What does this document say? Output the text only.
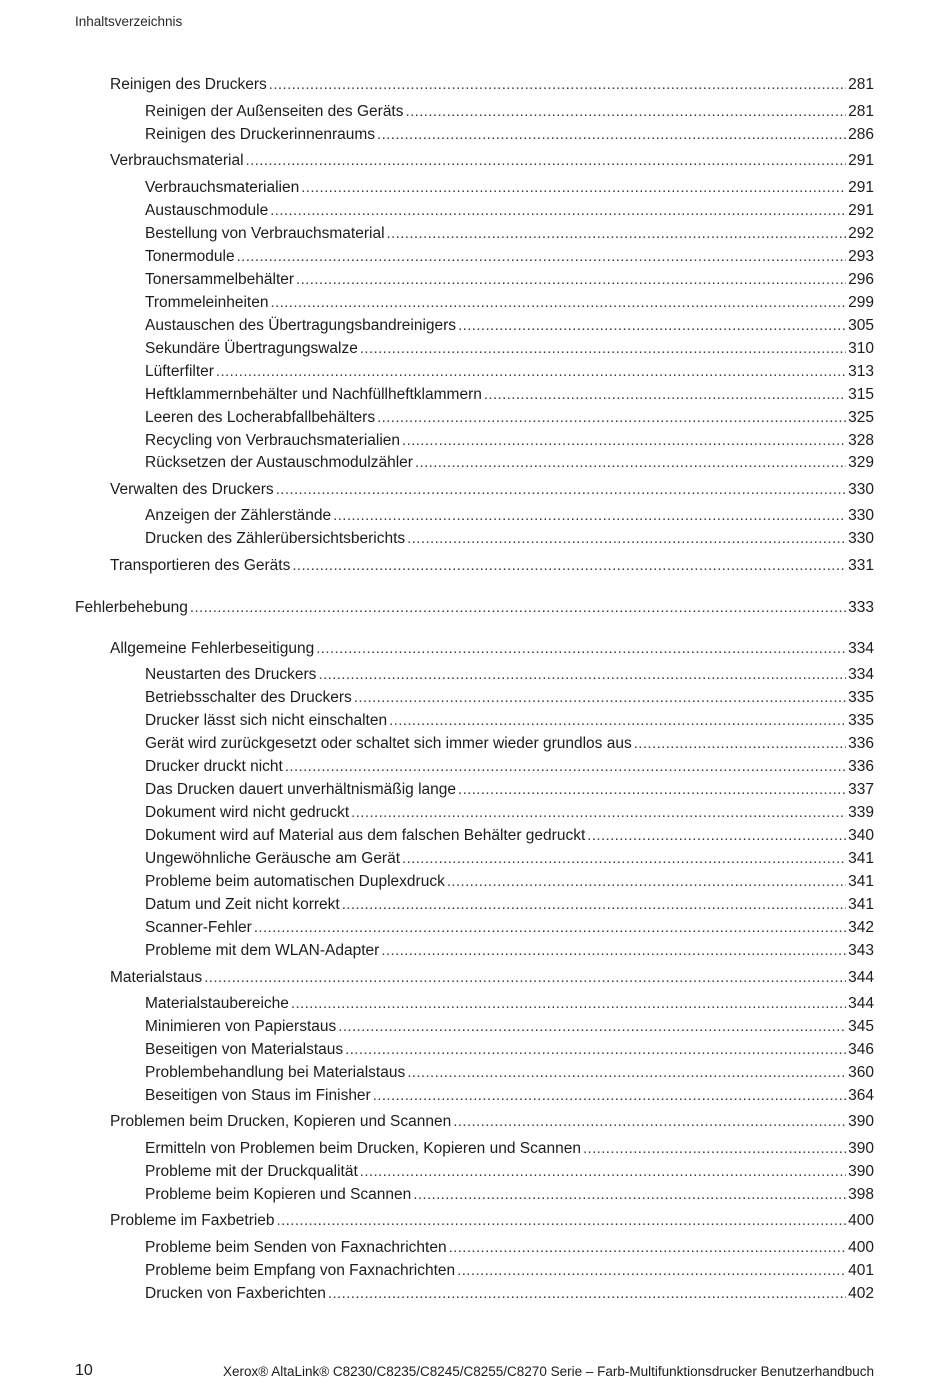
Inhaltsverzeichnis
Reinigen des Druckers .....	281
Reinigen der Außenseiten des Geräts .....	281
Reinigen des Druckerinnenraums .....	286
Verbrauchsmaterial .....	291
Verbrauchsmaterialien .....	291
Austauschmodule .....	291
Bestellung von Verbrauchsmaterial .....	292
Tonermodule .....	293
Tonersammelbehälter .....	296
Trommeleinheiten .....	299
Austauschen des Übertragungsbandreinigers .....	305
Sekundäre Übertragungswalze .....	310
Lüfterfilter .....	313
Heftklammernbehälter und Nachfüllheftklammern .....	315
Leeren des Locherabfallbehälters .....	325
Recycling von Verbrauchsmaterialien .....	328
Rücksetzen der Austauschmodulzähler .....	329
Verwalten des Druckers .....	330
Anzeigen der Zählerstände .....	330
Drucken des Zählerübersichtsberichts .....	330
Transportieren des Geräts .....	331
Fehlerbehebung .....	333
Allgemeine Fehlerbeseitigung .....	334
Neustarten des Druckers .....	334
Betriebsschalter des Druckers .....	335
Drucker lässt sich nicht einschalten .....	335
Gerät wird zurückgesetzt oder schaltet sich immer wieder grundlos aus .....	336
Drucker druckt nicht .....	336
Das Drucken dauert unverhältnismäßig lange .....	337
Dokument wird nicht gedruckt .....	339
Dokument wird auf Material aus dem falschen Behälter gedruckt .....	340
Ungewöhnliche Geräusche am Gerät .....	341
Probleme beim automatischen Duplexdruck .....	341
Datum und Zeit nicht korrekt .....	341
Scanner-Fehler .....	342
Probleme mit dem WLAN-Adapter .....	343
Materialstaus .....	344
Materialstaubereiche .....	344
Minimieren von Papierstaus .....	345
Beseitigen von Materialstaus .....	346
Problembehandlung bei Materialstaus .....	360
Beseitigen von Staus im Finisher .....	364
Problemen beim Drucken, Kopieren und Scannen .....	390
Ermitteln von Problemen beim Drucken, Kopieren und Scannen .....	390
Probleme mit der Druckqualität .....	390
Probleme beim Kopieren und Scannen .....	398
Probleme im Faxbetrieb .....	400
Probleme beim Senden von Faxnachrichten .....	400
Probleme beim Empfang von Faxnachrichten .....	401
Drucken von Faxberichten .....	402
10	Xerox® AltaLink® C8230/C8235/C8245/C8255/C8270 Serie – Farb-Multifunktionsdrucker Benutzerhandbuch
